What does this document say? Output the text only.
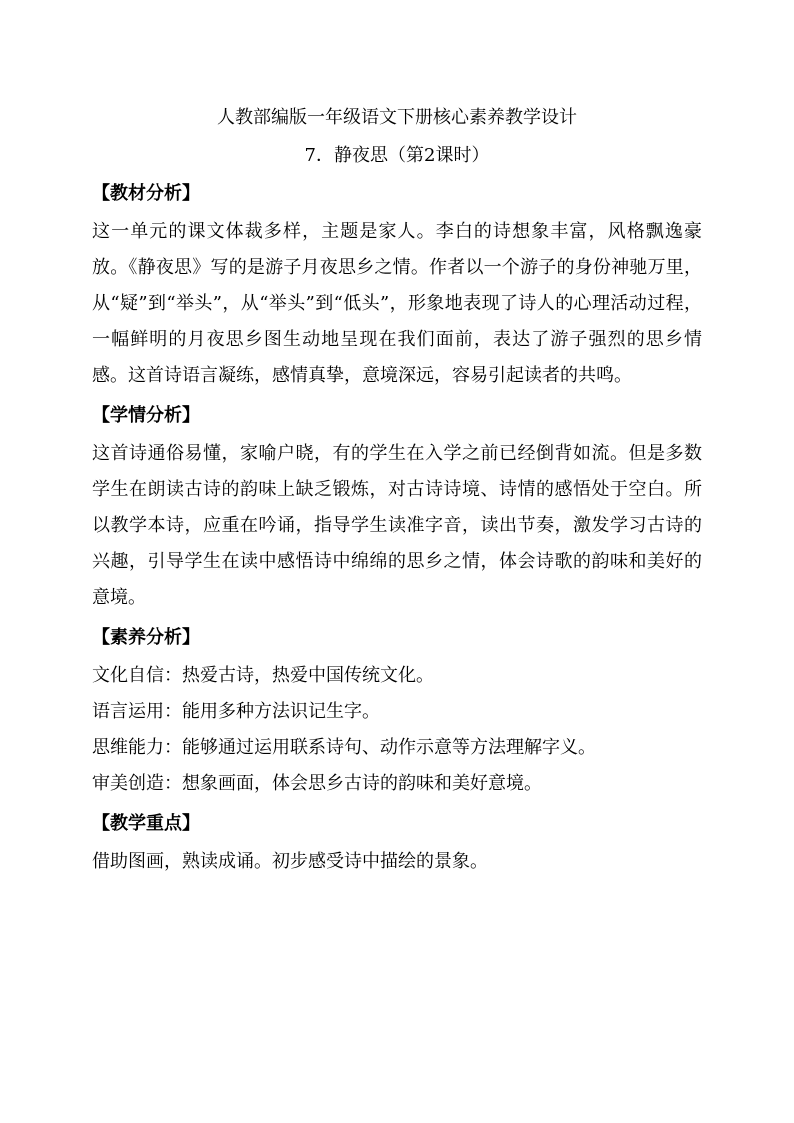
人教部编版一年级语文下册核心素养教学设计
7．静夜思（第2课时）
【教材分析】

这一单元的课文体裁多样，主题是家人。李白的诗想象丰富，风格飘逸豪放。《静夜思》写的是游子月夜思乡之情。作者以一个游子的身份神驰万里，从“疑”到“举头”，从“举头”到“低头”，形象地表现了诗人的心理活动过程，一幅鲜明的月夜思乡图生动地呈现在我们面前，表达了游子强烈的思乡情感。这首诗语言凝练，感情真挚，意境深远，容易引起读者的共鸣。

【学情分析】

这首诗通俗易懂，家喻户晓，有的学生在入学之前已经倒背如流。但是多数学生在朗读古诗的韵味上缺乏锻炼，对古诗诗境、诗情的感悟处于空白。所以教学本诗，应重在吟诵，指导学生读准字音，读出节奏，激发学习古诗的兴趣，引导学生在读中感悟诗中绵绵的思乡之情，体会诗歌的韵味和美好的意境。

【素养分析】

文化自信：热爱古诗，热爱中国传统文化。

语言运用：能用多种方法识记生字。

思维能力：能够通过运用联系诗句、动作示意等方法理解字义。

审美创造：想象画面，体会思乡古诗的韵味和美好意境。

【教学重点】

借助图画，熟读成诵。初步感受诗中描绘的景象。
